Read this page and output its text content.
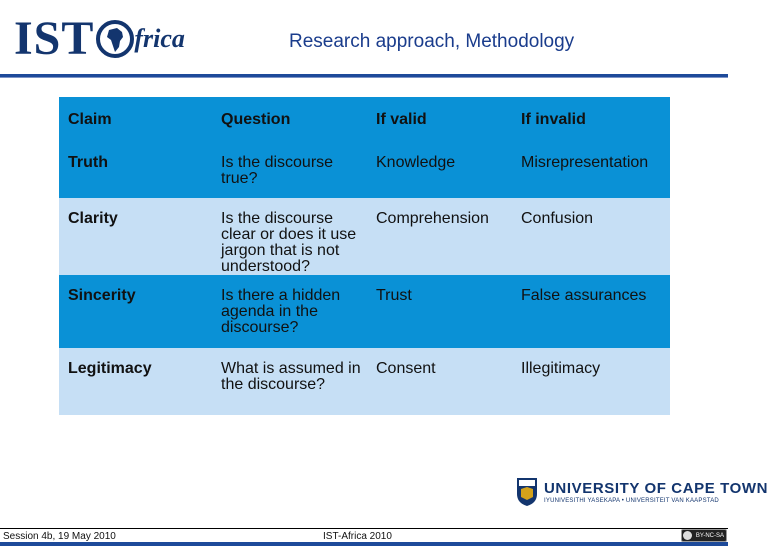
IST frica	Research approach, Methodology
Claim	Question	If valid	If invalid

Truth	Is the discourse true?	Knowledge	Misrepresentation

Clarity	Is the discourse clear or does it use jargon that is not understood?	Comprehension	Confusion

Sincerity	Is there a hidden agenda in the discourse?	Trust	False assurances

Legitimacy	What is assumed in the discourse?	Consent	Illegitimacy
UNIVERSITY OF CAPE TOWN
IYUNIVESITHI YASEKAPA • UNIVERSITEIT VAN KAAPSTAD
Session 4b, 19 May 2010	IST-Africa 2010	BY-NC-SA
